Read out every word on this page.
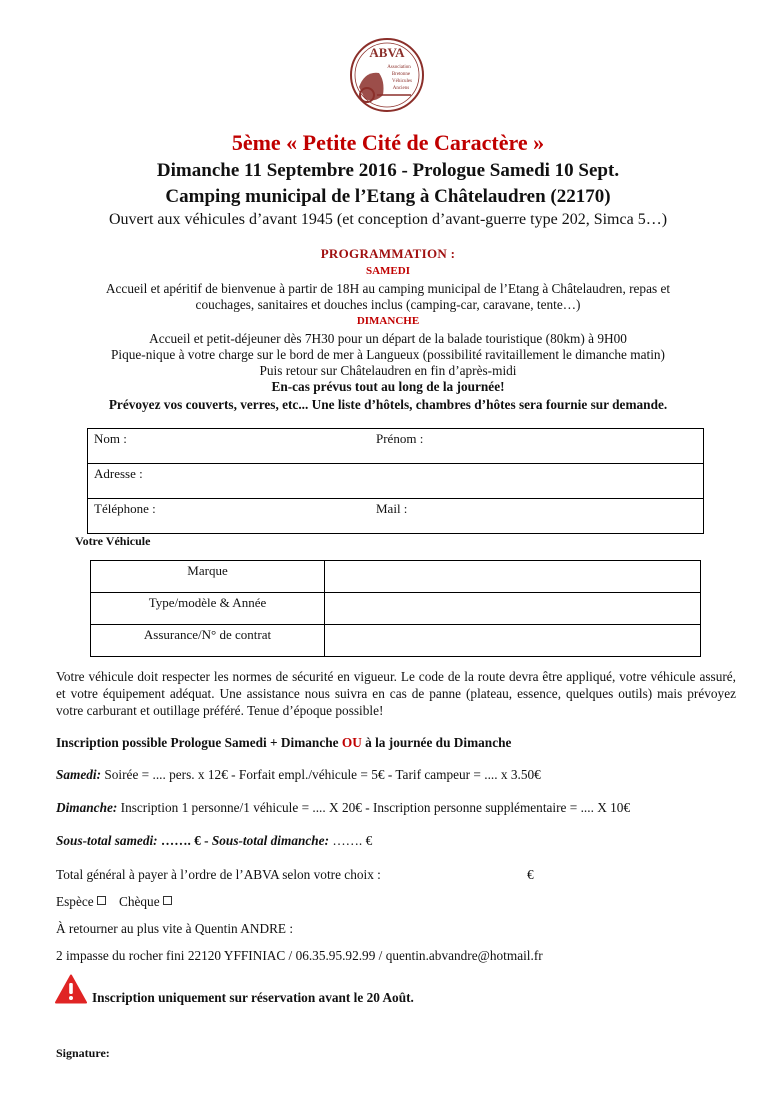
ABVA
Association
Bretonne
Véhicules
Anciens
5ème « Petite Cité de Caractère »
Dimanche 11 Septembre 2016 - Prologue Samedi 10 Sept.
Camping municipal de l’Etang à Châtelaudren (22170)
Ouvert aux véhicules d’avant 1945 (et conception d’avant-guerre type 202, Simca 5…)
PROGRAMMATION :
SAMEDI
Accueil et apéritif de bienvenue à partir de 18H au camping municipal de l’Etang à Châtelaudren, repas et
couchages, sanitaires et douches inclus (camping-car, caravane, tente…)
DIMANCHE
Accueil et petit-déjeuner dès 7H30 pour un départ de la balade touristique (80km) à 9H00
Pique-nique à votre charge sur le bord de mer à Langueux (possibilité ravitaillement le dimanche matin)
Puis retour sur Châtelaudren en fin d’après-midi
En-cas prévus tout au long de la journée!
Prévoyez vos couverts, verres, etc... Une liste d’hôtels, chambres d’hôtes sera fournie sur demande.
Nom :	Prénom :
Adresse :	
Téléphone :	Mail :
Votre Véhicule
Marque	
Type/modèle & Année	
Assurance/N° de contrat	
Votre véhicule doit respecter les normes de sécurité en vigueur. Le code de la route devra être appliqué, votre véhicule assuré, et votre équipement adéquat. Une assistance nous suivra en cas de panne (plateau, essence, quelques outils) mais prévoyez votre carburant et outillage préféré. Tenue d’époque possible!
Inscription possible Prologue Samedi + Dimanche OU à la journée du Dimanche
Samedi: Soirée = .... pers. x 12€ - Forfait empl./véhicule = 5€ - Tarif campeur = .... x 3.50€
Dimanche: Inscription 1 personne/1 véhicule = .... X 20€ - Inscription personne supplémentaire = .... X 10€
Sous-total samedi: ……. € - Sous-total dimanche: ……. €
Total général à payer à l’ordre de l’ABVA selon votre choix :	€
Espèce Chèque
À retourner au plus vite à Quentin ANDRE :
2 impasse du rocher fini 22120 YFFINIAC / 06.35.95.92.99 / quentin.abvandre@hotmail.fr
Inscription uniquement sur réservation avant le 20 Août.
Signature:
